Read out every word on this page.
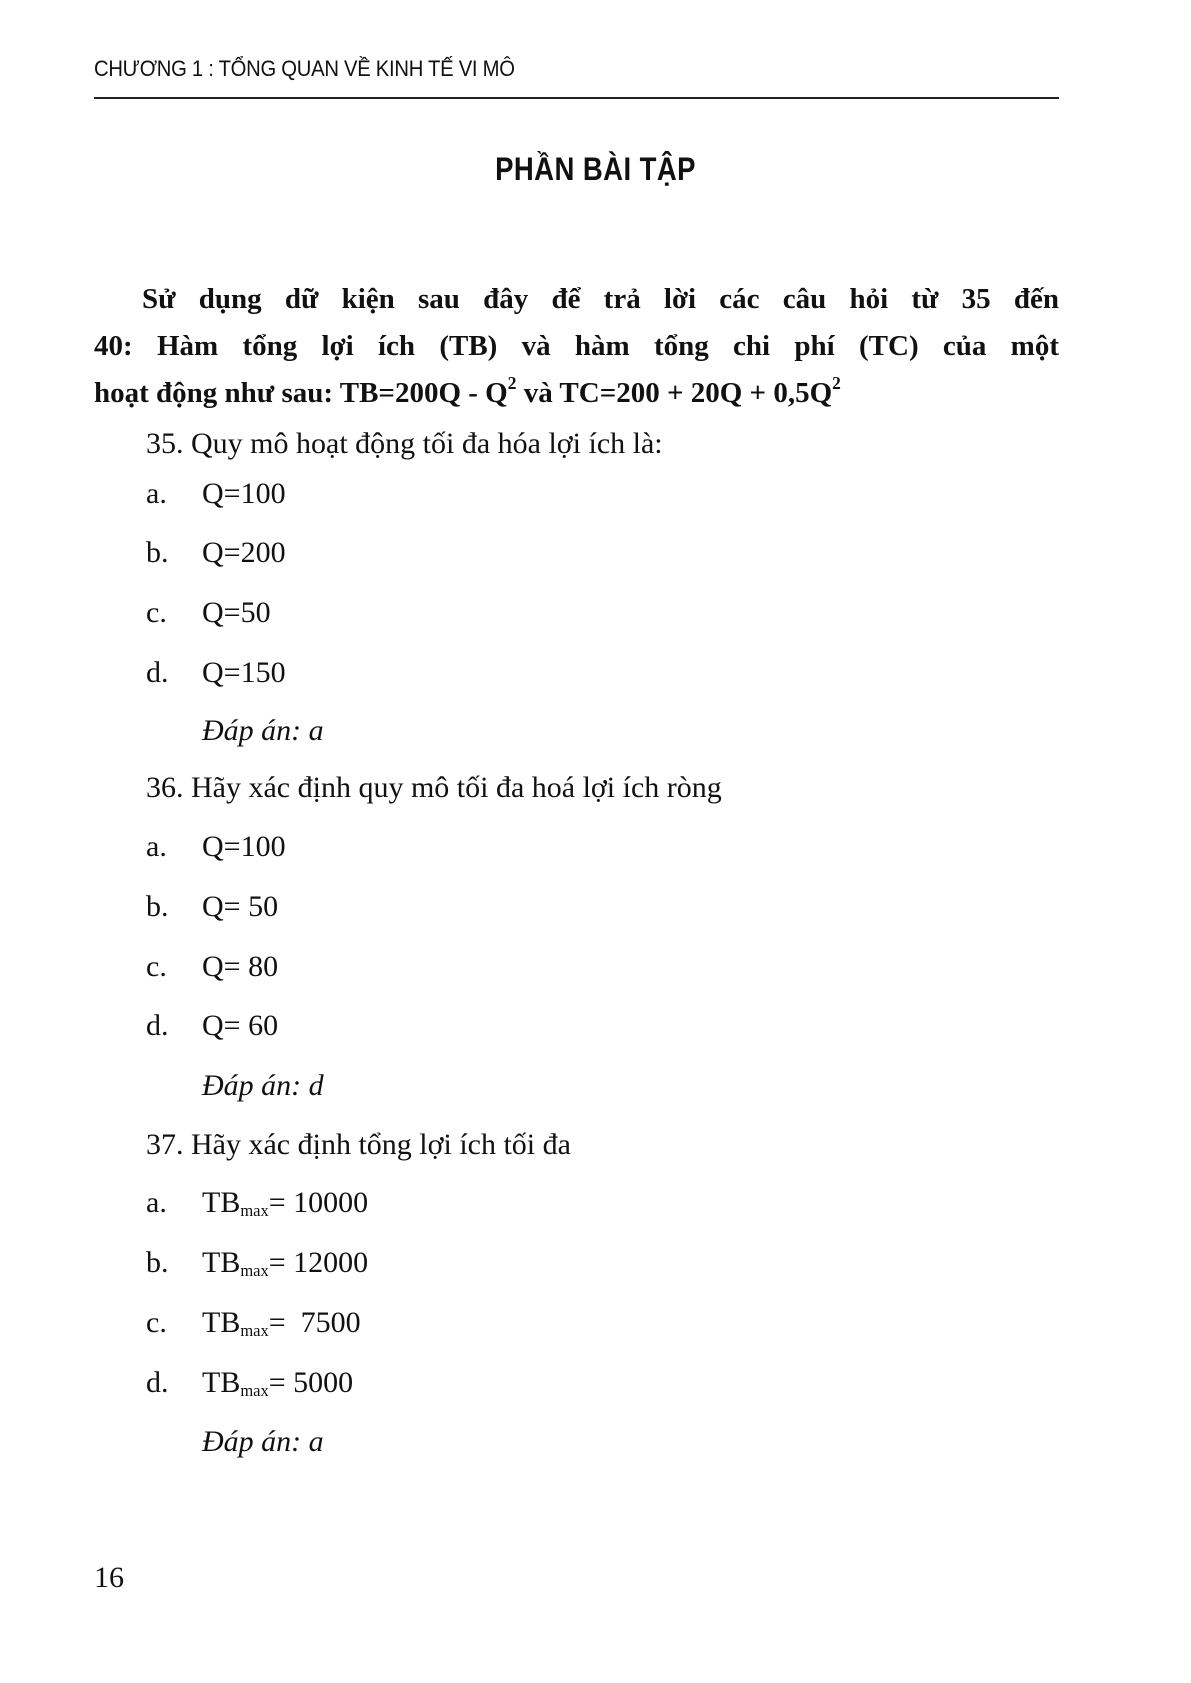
CHƯƠNG 1 : TỔNG QUAN VỀ KINH TẾ VI MÔ
PHẦN BÀI TẬP
Sử dụng dữ kiện sau đây để trả lời các câu hỏi từ 35 đến
40: Hàm tổng lợi ích (TB) và hàm tổng chi phí (TC) của một
hoạt động như sau: $TB=200Q - Q^2$ và $TC=200 + 20Q + 0,5Q^2$
35. Quy mô hoạt động tối đa hóa lợi ích là:
a. Q=100
b. Q=200
c. Q=50
d. Q=150
Đáp án: a
36. Hãy xác định quy mô tối đa hoá lợi ích ròng
a. Q=100
b. Q= 50
c. Q= 80
d. Q= 60
Đáp án: d
37. Hãy xác định tổng lợi ích tối đa
a. $TB_{max}= 10000$
b. $TB_{max}= 12000$
c. $TB_{max}= 7500$
d. $TB_{max}= 5000$
Đáp án: a
16
